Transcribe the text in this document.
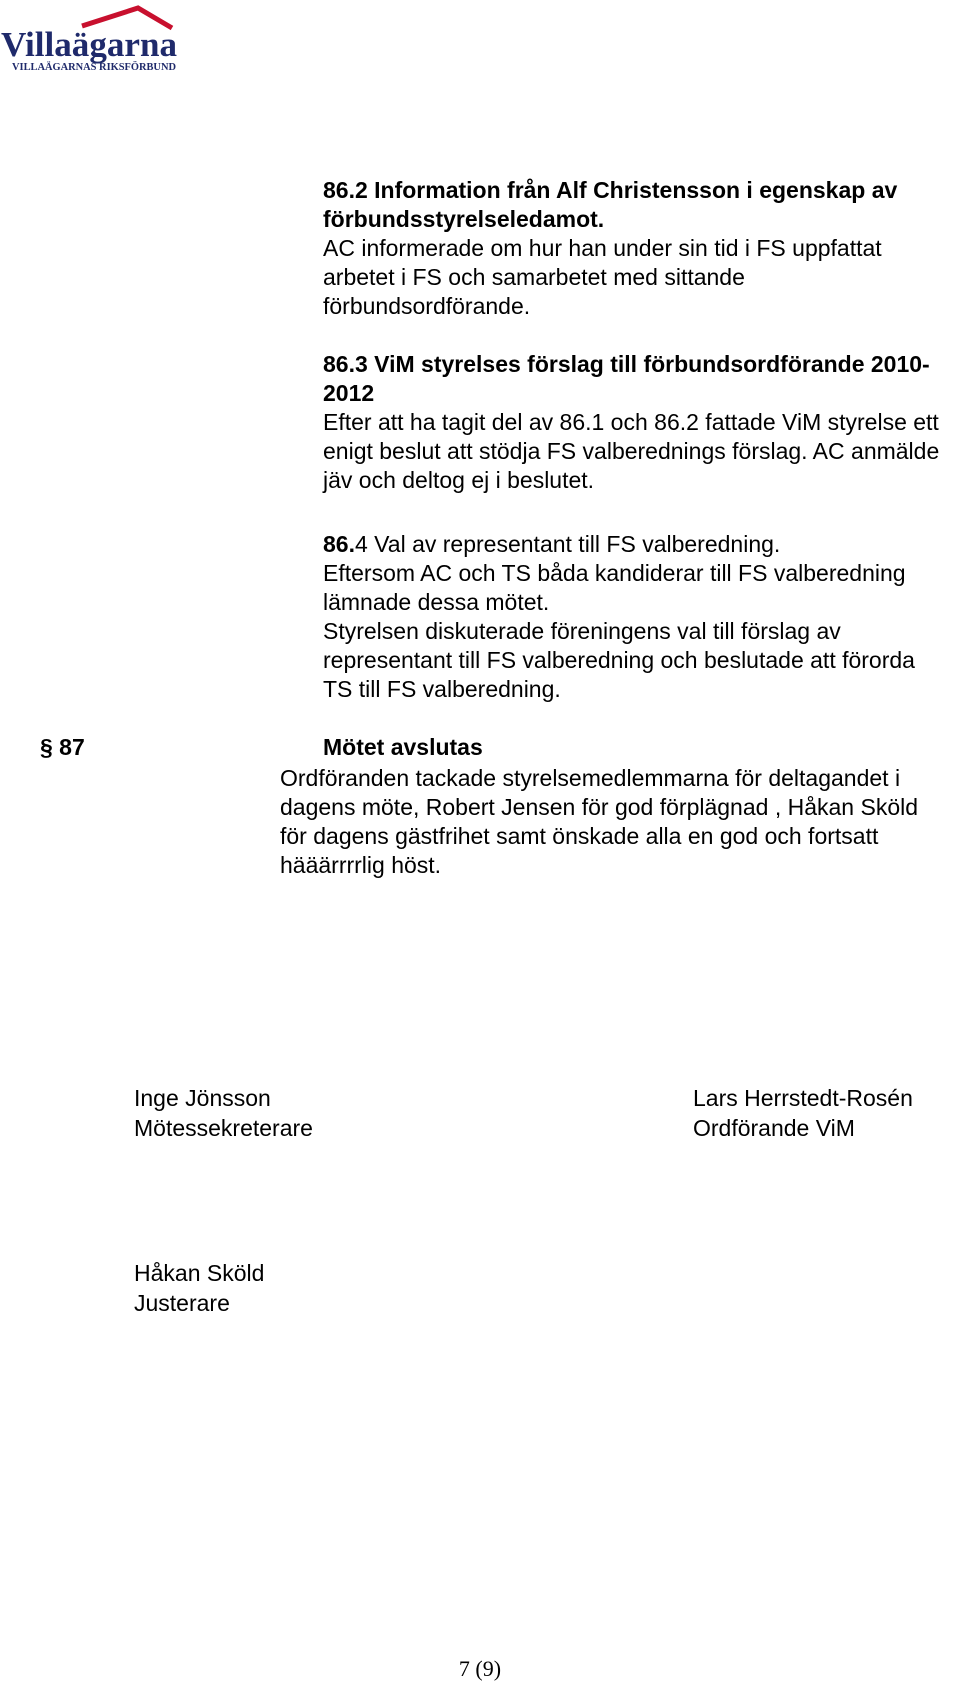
Villaägarna
VILLAÄGARNAS RIKSFÖRBUND

86.2 Information från Alf Christensson i egenskap av förbundsstyrelseledamot.

AC informerade om hur han under sin tid i FS uppfattat arbetet i FS och samarbetet med sittande förbundsordförande.

86.3 ViM styrelses förslag till förbundsordförande 2010-2012

Efter att ha tagit del av 86.1 och 86.2 fattade ViM styrelse ett enigt beslut att stödja FS valberednings förslag. AC anmälde jäv och deltog ej i beslutet.

86.4 Val av representant till FS valberedning.

Eftersom AC och TS båda kandiderar till FS valberedning lämnade dessa mötet.

Styrelsen diskuterade föreningens val till förslag av representant till FS valberedning och beslutade att förorda TS till FS valberedning.

§ 87	Mötet avslutas

Ordföranden tackade styrelsemedlemmarna för deltagandet i dagens möte, Robert Jensen för god förplägnad , Håkan Sköld för dagens gästfrihet samt önskade alla en god och fortsatt hääärrrrlig höst.

Inge Jönsson
Mötessekreterare
Lars Herrstedt-Rosén
Ordförande ViM
Håkan Sköld
Justerare
7 (9)
